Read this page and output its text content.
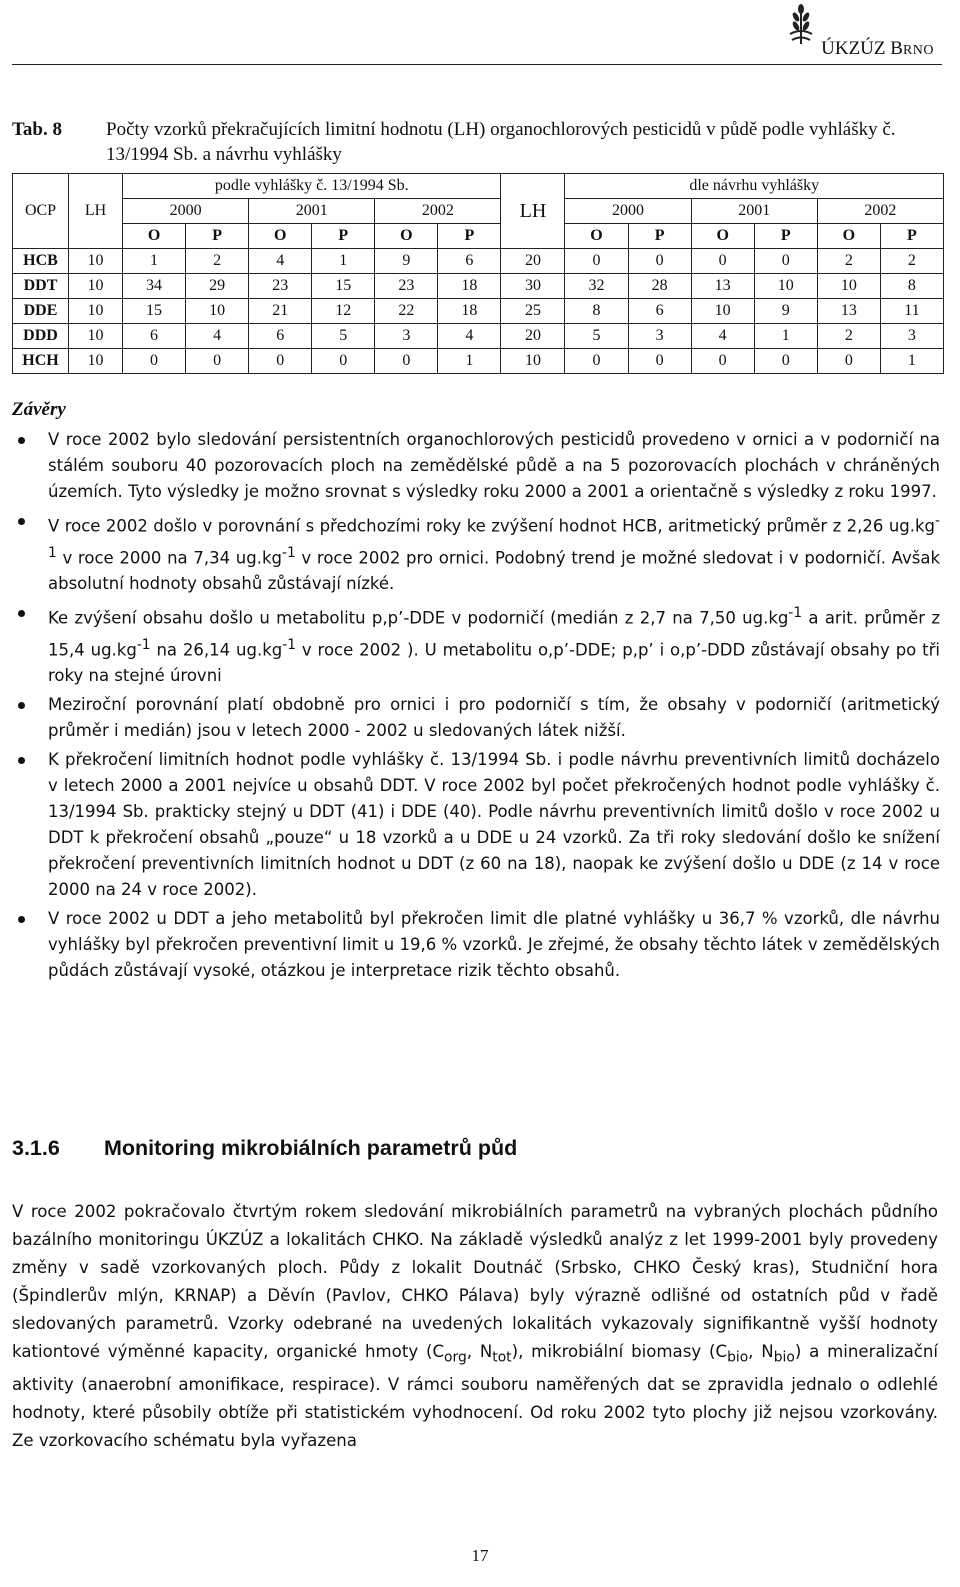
ÚKZÚZ BRNO
Tab. 8 Počty vzorků překračujících limitní hodnotu (LH) organochlorových pesticidů v půdě podle vyhlášky č. 13/1994 Sb. a návrhu vyhlášky
OCP	LH	podle vyhlášky č. 13/1994 Sb.						LH	dle návrhu vyhlášky					
		2000		2001		2002			2000		2001		2002	
		O	P	O	P	O	P		O	P	O	P	O	P
HCB	10	1	2	4	1	9	6	20	0	0	0	0	2	2
DDT	10	34	29	23	15	23	18	30	32	28	13	10	10	8
DDE	10	15	10	21	12	22	18	25	8	6	10	9	13	11
DDD	10	6	4	6	5	3	4	20	5	3	4	1	2	3
HCH	10	0	0	0	0	0	1	10	0	0	0	0	0	1
Závěry
V roce 2002 bylo sledování persistentních organochlorových pesticidů provedeno v ornici a v podorničí na stálém souboru 40 pozorovacích ploch na zemědělské půdě a na 5 pozorovacích plochách v chráněných územích. Tyto výsledky je možno srovnat s výsledky roku 2000 a 2001 a orientačně s výsledky z roku 1997.
V roce 2002 došlo v porovnání s předchozími roky ke zvýšení hodnot HCB, aritmetický průměr z 2,26 $ug.kg^{-1}$ v roce 2000 na 7,34 $ug.kg^{-1}$ v roce 2002 pro ornici. Podobný trend je možné sledovat i v podorničí. Avšak absolutní hodnoty obsahů zůstávají nízké.
Ke zvýšení obsahu došlo u metabolitu p,p’-DDE v podorničí (medián z 2,7 na 7,50 $ug.kg^{-1}$ a arit. průměr z 15,4 $ug.kg^{-1}$ na 26,14 $ug.kg^{-1}$ v roce 2002 ). U metabolitu o,p’-DDE; p,p’ i o,p’-DDD zůstávají obsahy po tři roky na stejné úrovni
Meziroční porovnání platí obdobně pro ornici i pro podorničí s tím, že obsahy v podorničí (aritmetický průměr i medián) jsou v letech 2000 - 2002 u sledovaných látek nižší.
K překročení limitních hodnot podle vyhlášky č. 13/1994 Sb. i podle návrhu preventivních limitů docházelo v letech 2000 a 2001 nejvíce u obsahů DDT. V roce 2002 byl počet překročených hodnot podle vyhlášky č. 13/1994 Sb. prakticky stejný u DDT (41) i DDE (40). Podle návrhu preventivních limitů došlo v roce 2002 u DDT k překročení obsahů „pouze“ u 18 vzorků a u DDE u 24 vzorků. Za tři roky sledování došlo ke snížení překročení preventivních limitních hodnot u DDT (z 60 na 18), naopak ke zvýšení došlo u DDE (z 14 v roce 2000 na 24 v roce 2002).
V roce 2002 u DDT a jeho metabolitů byl překročen limit dle platné vyhlášky u 36,7 % vzorků, dle návrhu vyhlášky byl překročen preventivní limit u 19,6 % vzorků. Je zřejmé, že obsahy těchto látek v zemědělských půdách zůstávají vysoké, otázkou je interpretace rizik těchto obsahů.
3.1.6 Monitoring mikrobiálních parametrů půd
V roce 2002 pokračovalo čtvrtým rokem sledování mikrobiálních parametrů na vybraných plochách půdního bazálního monitoringu ÚKZÚZ a lokalitách CHKO. Na základě výsledků analýz z let 1999-2001 byly provedeny změny v sadě vzorkovaných ploch. Půdy z lokalit Doutnáč (Srbsko, CHKO Český kras), Studniční hora (Špindlerův mlýn, KRNAP) a Děvín (Pavlov, CHKO Pálava) byly výrazně odlišné od ostatních půd v řadě sledovaných parametrů. Vzorky odebrané na uvedených lokalitách vykazovaly signifikantně vyšší hodnoty kationtové výměnné kapacity, organické hmoty ($C_{org}$, $N_{tot}$), mikrobiální biomasy ($C_{bio}$, $N_{bio}$) a mineralizační aktivity (anaerobní amonifikace, respirace). V rámci souboru naměřených dat se zpravidla jednalo o odlehlé hodnoty, které působily obtíže při statistickém vyhodnocení. Od roku 2002 tyto plochy již nejsou vzorkovány. Ze vzorkovacího schématu byla vyřazena
17
